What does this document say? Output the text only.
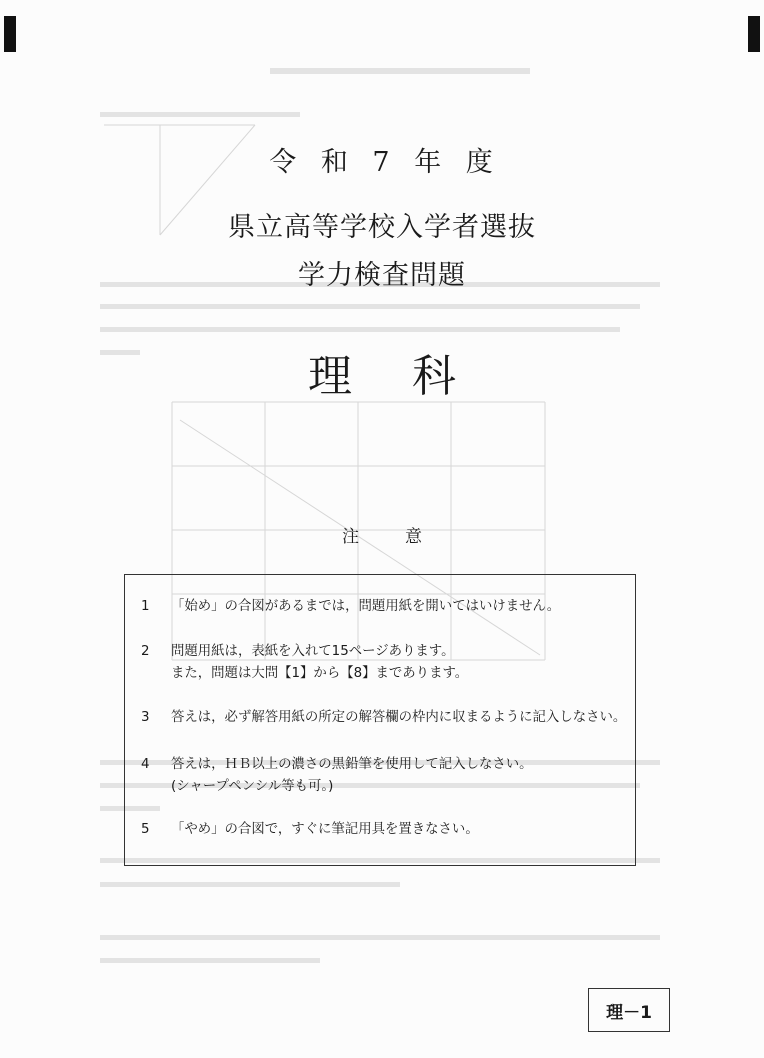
令 和 7 年 度
県立高等学校入学者選抜
学力検査問題
理 科
注	意
1	「始め」の合図があるまでは，問題用紙を開いてはいけません。
2	問題用紙は，表紙を入れて15ページあります。
また，問題は大問【1】から【8】まであります。
3	答えは，必ず解答用紙の所定の解答欄の枠内に収まるように記入しなさい。
4	答えは，ＨＢ以上の濃さの黒鉛筆を使用して記入しなさい。
(シャープペンシル等も可。)
5	「やめ」の合図で，すぐに筆記用具を置きなさい。
理－1
